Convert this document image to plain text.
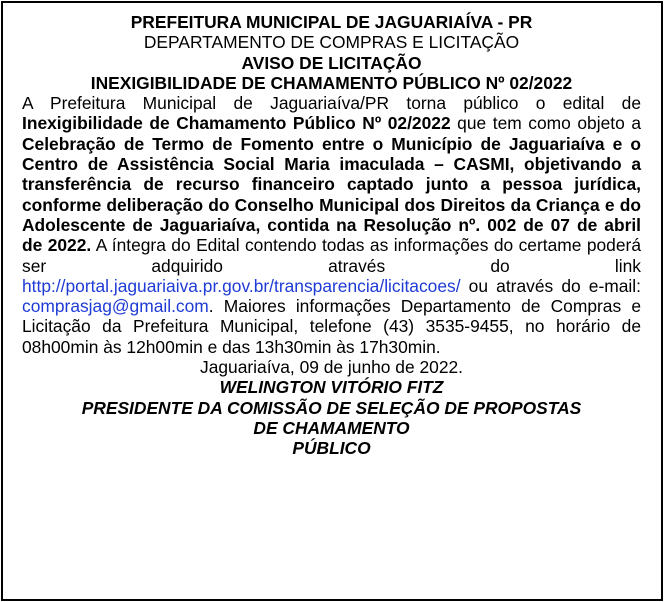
PREFEITURA MUNICIPAL DE JAGUARIAÍVA - PR
DEPARTAMENTO DE COMPRAS E LICITAÇÃO
AVISO DE LICITAÇÃO
INEXIGIBILIDADE DE CHAMAMENTO PÚBLICO Nº 02/2022
A Prefeitura Municipal de Jaguariaíva/PR torna público o edital de Inexigibilidade de Chamamento Público Nº 02/2022 que tem como objeto a Celebração de Termo de Fomento entre o Município de Jaguariaíva e o Centro de Assistência Social Maria imaculada – CASMI, objetivando a transferência de recurso financeiro captado junto a pessoa jurídica, conforme deliberação do Conselho Municipal dos Direitos da Criança e do Adolescente de Jaguariaíva, contida na Resolução nº. 002 de 07 de abril de 2022. A íntegra do Edital contendo todas as informações do certame poderá ser adquirido através do link http://portal.jaguariaiva.pr.gov.br/transparencia/licitacoes/ ou através do e-mail: comprasjag@gmail.com. Maiores informações Departamento de Compras e Licitação da Prefeitura Municipal, telefone (43) 3535-9455, no horário de 08h00min às 12h00min e das 13h30min às 17h30min.
Jaguariaíva, 09 de junho de 2022.
WELINGTON VITÓRIO FITZ
PRESIDENTE DA COMISSÃO DE SELEÇÃO DE PROPOSTAS
DE CHAMAMENTO
PÚBLICO
